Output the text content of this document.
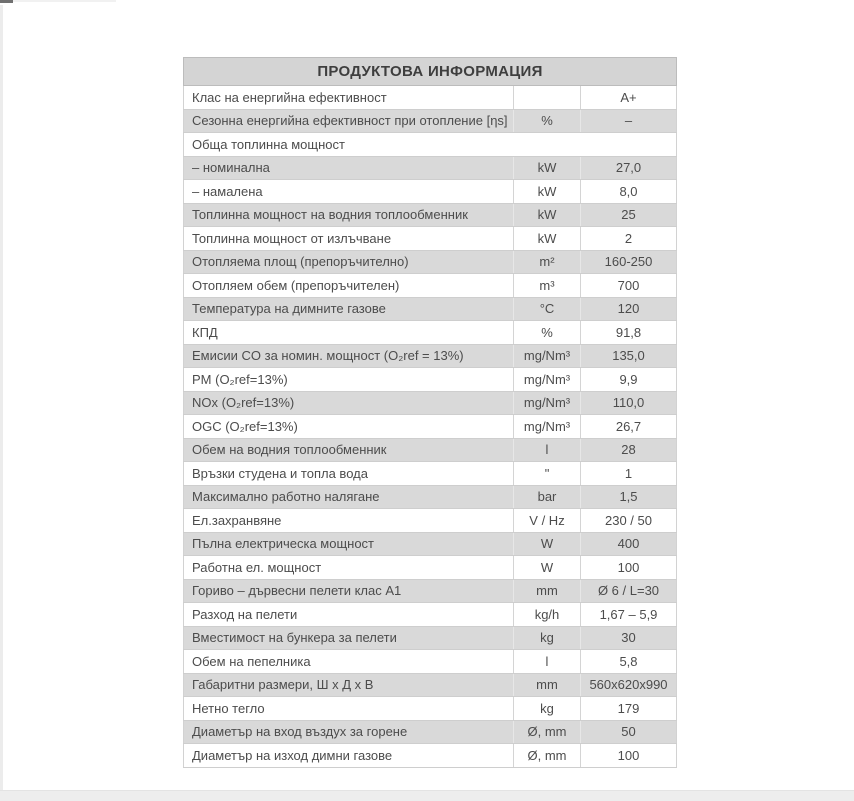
ПРОДУКТОВА ИНФОРМАЦИЯ		
Клас на енергийна ефективност		A+
Сезонна енергийна ефективност при отопление [ηs]	%	–
Обща топлинна мощност		
– номинална	kW	27,0
– намалена	kW	8,0
Топлинна мощност на водния топлообменник	kW	25
Топлинна мощност от излъчване	kW	2
Отопляема площ (препоръчително)	m²	160-250
Отопляем обем (препоръчителен)	m³	700
Температура на димните газове	°C	120
КПД	%	91,8
Емисии CO за номин. мощност (O₂ref = 13%)	mg/Nm³	135,0
PM (O₂ref=13%)	mg/Nm³	9,9
NOx (O₂ref=13%)	mg/Nm³	110,0
OGC (O₂ref=13%)	mg/Nm³	26,7
Обем на водния топлообменник	l	28
Връзки студена и топла вода	"	1
Максимално работно налягане	bar	1,5
Ел.захранвяне	V / Hz	230 / 50
Пълна електрическа мощност	W	400
Работна ел. мощност	W	100
Гориво – дървесни пелети клас А1	mm	Ø 6 / L=30
Разход на пелети	kg/h	1,67 – 5,9
Вместимост на бункера за пелети	kg	30
Обем на пепелника	l	5,8
Габаритни размери, Ш х Д х В	mm	560x620x990
Нетно тегло	kg	179
Диаметър на вход въздух за горене	Ø, mm	50
Диаметър на изход димни газове	Ø, mm	100
